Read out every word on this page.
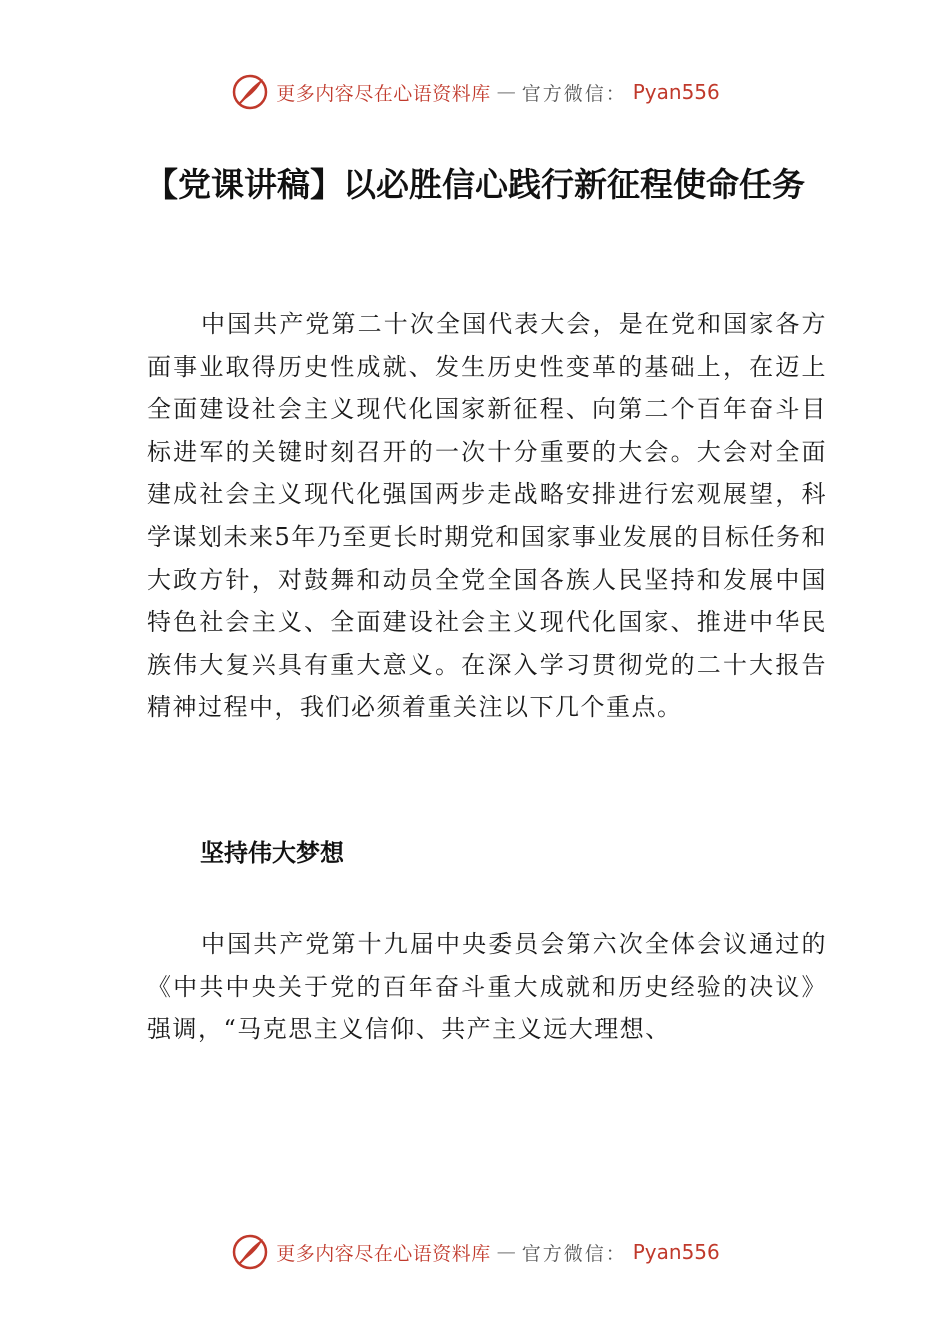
更多内容尽在心语资料库 — 官方微信： Pyan556
【党课讲稿】以必胜信心践行新征程使命任务

中国共产党第二十次全国代表大会，是在党和国家各方面事业取得历史性成就、发生历史性变革的基础上，在迈上全面建设社会主义现代化国家新征程、向第二个百年奋斗目标进军的关键时刻召开的一次十分重要的大会。大会对全面建成社会主义现代化强国两步走战略安排进行宏观展望，科学谋划未来5年乃至更长时期党和国家事业发展的目标任务和大政方针，对鼓舞和动员全党全国各族人民坚持和发展中国特色社会主义、全面建设社会主义现代化国家、推进中华民族伟大复兴具有重大意义。在深入学习贯彻党的二十大报告精神过程中，我们必须着重关注以下几个重点。

坚持伟大梦想

中国共产党第十九届中央委员会第六次全体会议通过的《中共中央关于党的百年奋斗重大成就和历史经验的决议》强调，“马克思主义信仰、共产主义远大理想、

更多内容尽在心语资料库 — 官方微信： Pyan556
